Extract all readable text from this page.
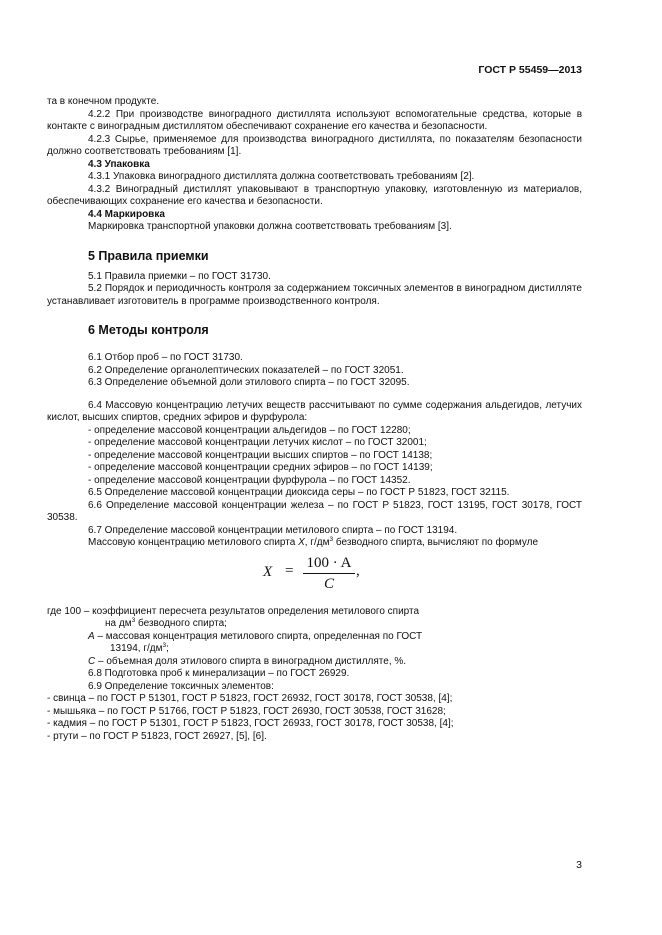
ГОСТ Р 55459—2013

та в конечном продукте.

4.2.2 При производстве виноградного дистиллята используют вспомогательные средства, которые в контакте с виноградным дистиллятом обеспечивают сохранение его качества и безопасности.

4.2.3 Сырье, применяемое для производства виноградного дистиллята, по показателям безопасности должно соответствовать требованиям [1].

4.3 Упаковка

4.3.1 Упаковка виноградного дистиллята должна соответствовать требованиям [2].

4.3.2 Виноградный дистиллят упаковывают в транспортную упаковку, изготовленную из материалов, обеспечивающих сохранение его качества и безопасности.

4.4 Маркировка

Маркировка транспортной упаковки должна соответствовать требованиям [3].

5 Правила приемки

5.1 Правила приемки – по ГОСТ 31730.

5.2 Порядок и периодичность контроля за содержанием токсичных элементов в виноградном дистилляте устанавливает изготовитель в программе производственного контроля.

6 Методы контроля

6.1 Отбор проб – по ГОСТ 31730.

6.2 Определение органолептических показателей – по ГОСТ 32051.

6.3 Определение объемной доли этилового спирта – по ГОСТ 32095.

6.4 Массовую концентрацию летучих веществ рассчитывают по сумме содержания альдегидов, летучих кислот, высших спиртов, средних эфиров и фурфурола:

- определение массовой концентрации альдегидов – по ГОСТ 12280;

- определение массовой концентрации летучих кислот – по ГОСТ 32001;

- определение массовой концентрации высших спиртов – по ГОСТ 14138;

- определение массовой концентрации средних эфиров – по ГОСТ 14139;

- определение массовой концентрации фурфурола – по ГОСТ 14352.

6.5 Определение массовой концентрации диоксида серы – по ГОСТ Р 51823, ГОСТ 32115.

6.6 Определение массовой концентрации железа – по ГОСТ Р 51823, ГОСТ 13195, ГОСТ 30178, ГОСТ 30538.

6.7 Определение массовой концентрации метилового спирта – по ГОСТ 13194.

Массовую концентрацию метилового спирта X, $г/дм^3$ безводного спирта, вычисляют по формуле

X = 100 · A
C
,

где 100 – коэффициент пересчета результатов определения метилового спирта

на $дм^3$ безводного спирта;

А – массовая концентрация метилового спирта, определенная по ГОСТ

13194, $г/дм^3$;

С – объемная доля этилового спирта в виноградном дистилляте, %.

6.8 Подготовка проб к минерализации – по ГОСТ 26929.

6.9 Определение токсичных элементов:

- свинца – по ГОСТ Р 51301, ГОСТ Р 51823, ГОСТ 26932, ГОСТ 30178, ГОСТ 30538, [4];

- мышьяка – по ГОСТ Р 51766, ГОСТ Р 51823, ГОСТ 26930, ГОСТ 30538, ГОСТ 31628;

- кадмия – по ГОСТ Р 51301, ГОСТ Р 51823, ГОСТ 26933, ГОСТ 30178, ГОСТ 30538, [4];

- ртути – по ГОСТ Р 51823, ГОСТ 26927, [5], [6].

3
